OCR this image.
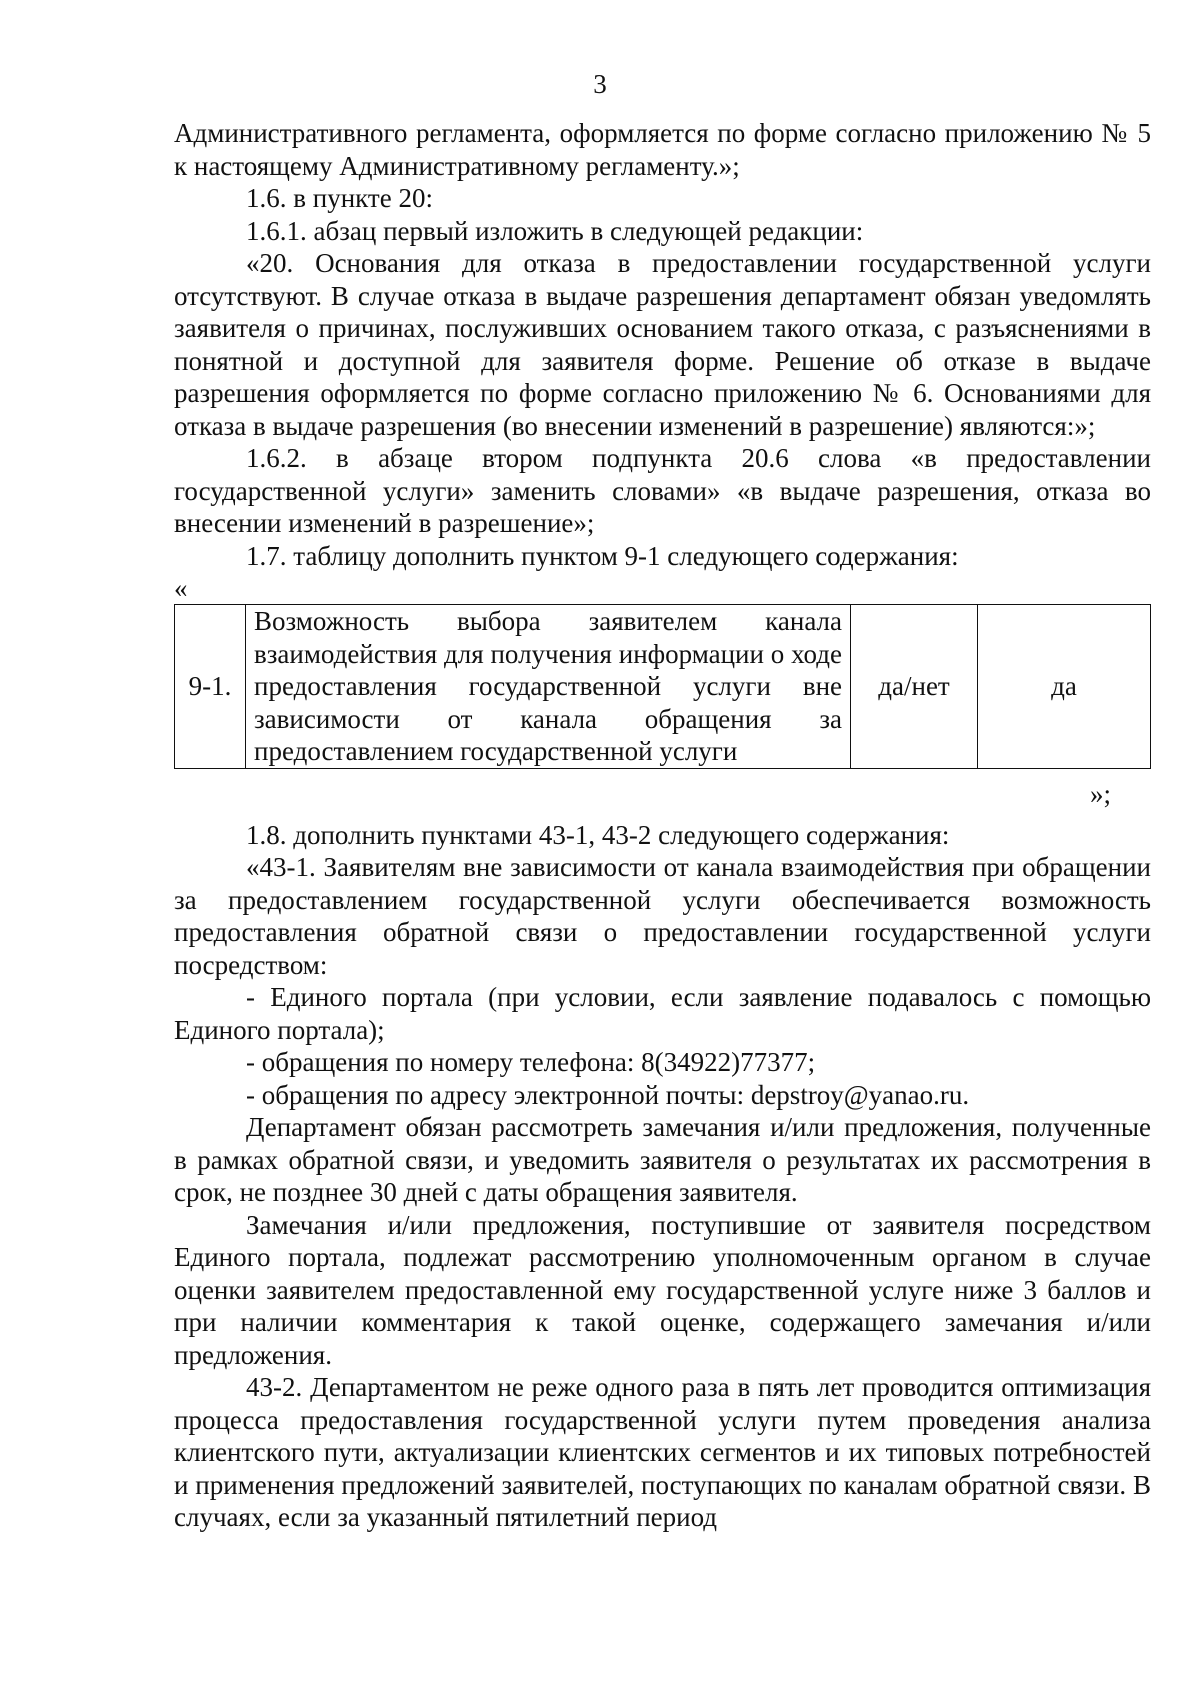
3

Административного регламента, оформляется по форме согласно приложению № 5 к настоящему Административному регламенту.»;

1.6. в пункте 20:

1.6.1. абзац первый изложить в следующей редакции:

«20. Основания для отказа в предоставлении государственной услуги отсутствуют. В случае отказа в выдаче разрешения департамент обязан уведомлять заявителя о причинах, послуживших основанием такого отказа, с разъяснениями в понятной и доступной для заявителя форме. Решение об отказе в выдаче разрешения оформляется по форме согласно приложению № 6. Основаниями для отказа в выдаче разрешения (во внесении изменений в разрешение) являются:»;

1.6.2. в абзаце втором подпункта 20.6 слова «в предоставлении государственной услуги» заменить словами» «в выдаче разрешения, отказа во внесении изменений в разрешение»;

1.7. таблицу дополнить пунктом 9-1 следующего содержания:

«

9-1.	Возможность выбора заявителем канала взаимодействия для получения информации о ходе предоставления государственной услуги вне зависимости от канала обращения за предоставлением государственной услуги	да/нет	да

»;

1.8. дополнить пунктами 43-1, 43-2 следующего содержания:

«43-1. Заявителям вне зависимости от канала взаимодействия при обращении за предоставлением государственной услуги обеспечивается возможность предоставления обратной связи о предоставлении государственной услуги посредством:

- Единого портала (при условии, если заявление подавалось с помощью Единого портала);

- обращения по номеру телефона: 8(34922)77377;

- обращения по адресу электронной почты: depstroy@yanao.ru.

Департамент обязан рассмотреть замечания и/или предложения, полученные в рамках обратной связи, и уведомить заявителя о результатах их рассмотрения в срок, не позднее 30 дней с даты обращения заявителя.

Замечания и/или предложения, поступившие от заявителя посредством Единого портала, подлежат рассмотрению уполномоченным органом в случае оценки заявителем предоставленной ему государственной услуге ниже 3 баллов и при наличии комментария к такой оценке, содержащего замечания и/или предложения.

43-2. Департаментом не реже одного раза в пять лет проводится оптимизация процесса предоставления государственной услуги путем проведения анализа клиентского пути, актуализации клиентских сегментов и их типовых потребностей и применения предложений заявителей, поступающих по каналам обратной связи. В случаях, если за указанный пятилетний период
